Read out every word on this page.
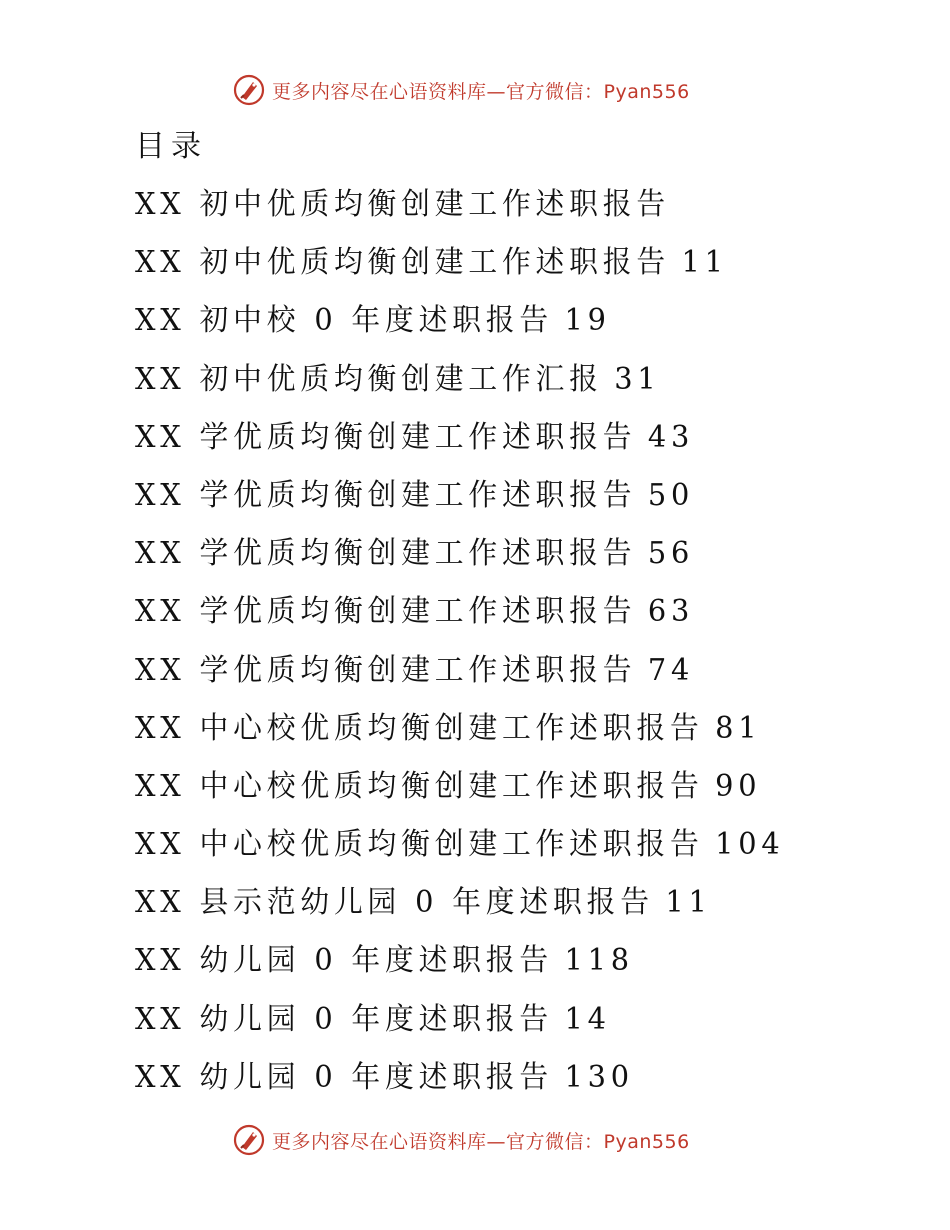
更多内容尽在心语资料库—官方微信：Pyan556
目录
XX 初中优质均衡创建工作述职报告
XX 初中优质均衡创建工作述职报告 11
XX 初中校 0 年度述职报告 19
XX 初中优质均衡创建工作汇报 31
XX 学优质均衡创建工作述职报告 43
XX 学优质均衡创建工作述职报告 50
XX 学优质均衡创建工作述职报告 56
XX 学优质均衡创建工作述职报告 63
XX 学优质均衡创建工作述职报告 74
XX 中心校优质均衡创建工作述职报告 81
XX 中心校优质均衡创建工作述职报告 90
XX 中心校优质均衡创建工作述职报告 104
XX 县示范幼儿园 0 年度述职报告 11
XX 幼儿园 0 年度述职报告 118
XX 幼儿园 0 年度述职报告 14
XX 幼儿园 0 年度述职报告 130
更多内容尽在心语资料库—官方微信：Pyan556
